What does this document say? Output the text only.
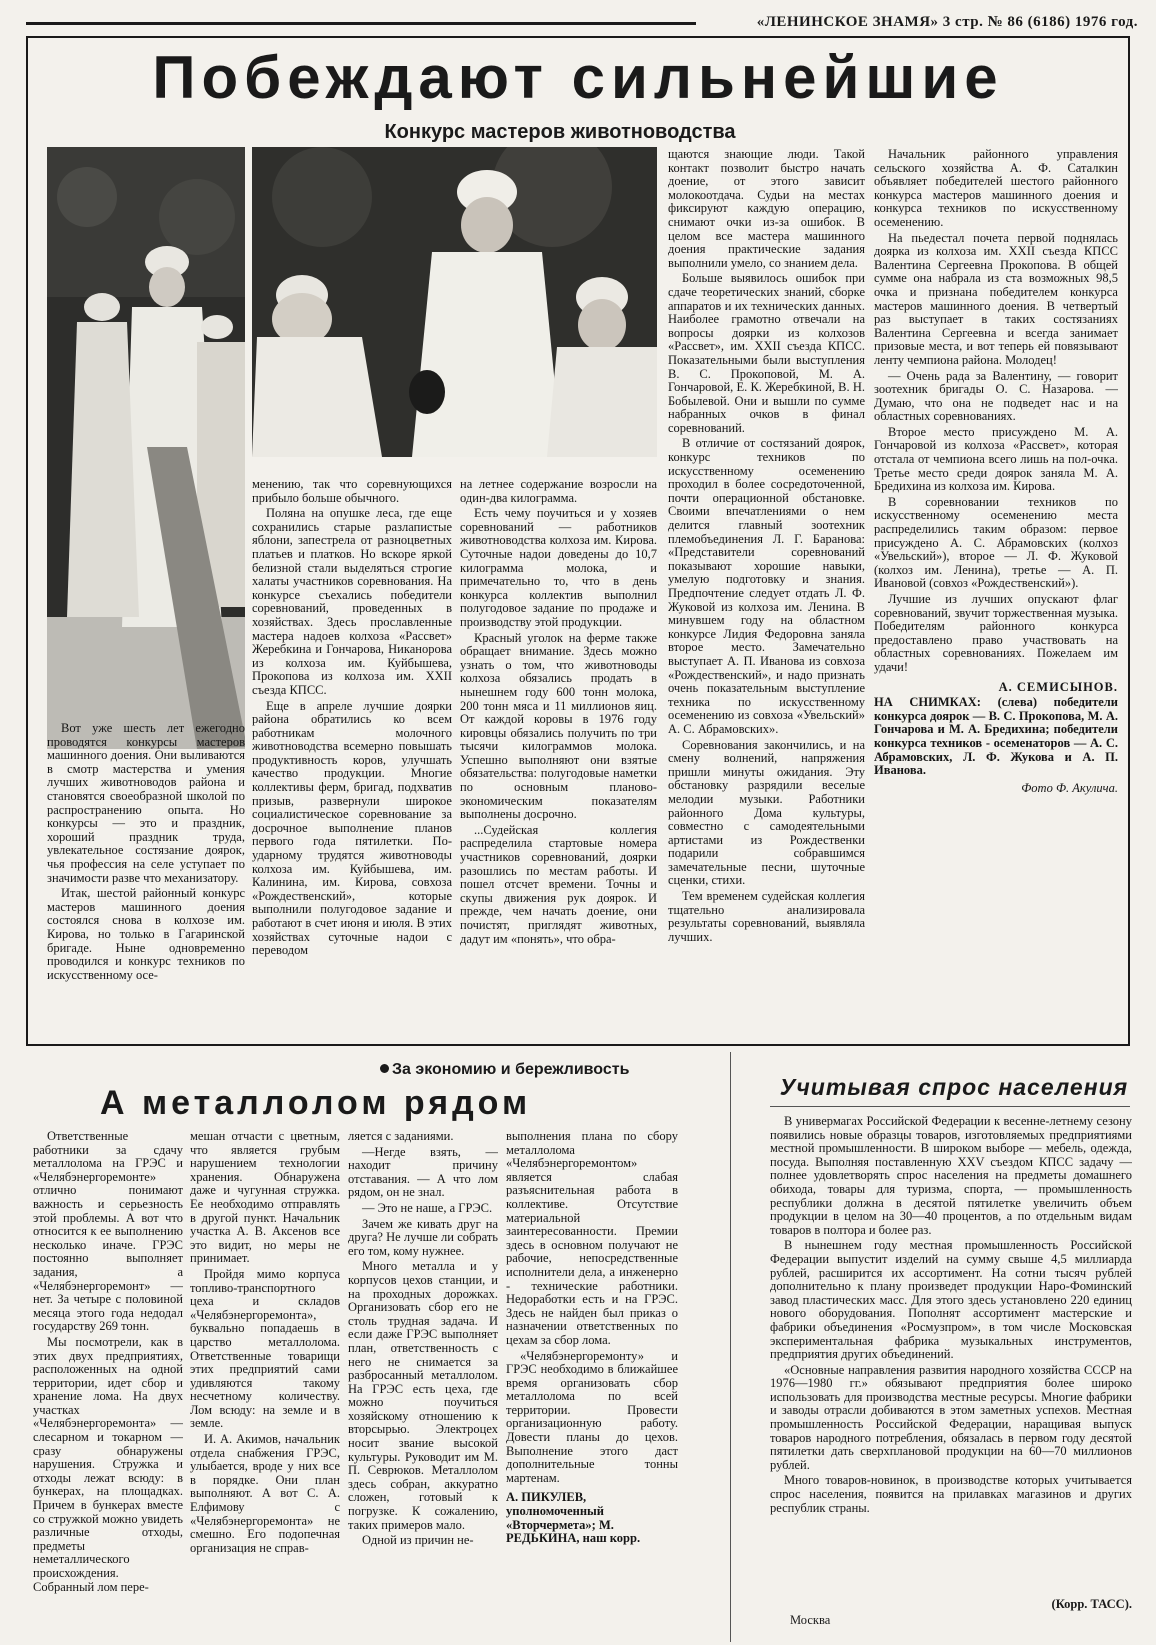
«ЛЕНИНСКОЕ ЗНАМЯ» 3 стр. № 86 (6186) 1976 год.
Побеждают сильнейшие
Конкурс мастеров животноводства

Вот уже шесть лет ежегодно проводятся конкурсы мастеров машинного доения. Они выливаются в смотр мастерства и умения лучших животноводов района и становятся своеобразной школой по распространению опыта. Но конкурсы — это и праздник, хороший праздник труда, увлекательное состязание доярок, чья профессия на селе уступает по значимости разве что механизатору.

Итак, шестой районный конкурс мастеров машинного доения состоялся снова в колхозе им. Кирова, но только в Гагаринской бригаде. Ныне одновременно проводился и конкурс техников по искусственному осе-

менению, так что соревнующихся прибыло больше обычного.

Поляна на опушке леса, где еще сохранились старые разлапистые яблони, запестрела от разноцветных платьев и платков. Но вскоре яркой белизной стали выделяться строгие халаты участников соревнования. На конкурсе съехались победители соревнований, проведенных в хозяйствах. Здесь прославленные мастера надоев колхоза «Рассвет» Жеребкина и Гончарова, Никанорова из колхоза им. Куйбышева, Прокопова из колхоза им. XXII съезда КПСС.

Еще в апреле лучшие доярки района обратились ко всем работникам молочного животноводства всемерно повышать продуктивность коров, улучшать качество продукции. Многие коллективы ферм, бригад, подхватив призыв, развернули широкое социалистическое соревнование за досрочное выполнение планов первого года пятилетки. По-ударному трудятся животноводы колхоза им. Куйбышева, им. Калинина, им. Кирова, совхоза «Рождественский», которые выполнили полугодовое задание и работают в счет июня и июля. В этих хозяйствах суточные надои с переводом

на летнее содержание возросли на один-два килограмма.

Есть чему поучиться и у хозяев соревнований — работников животноводства колхоза им. Кирова. Суточные надои доведены до 10,7 килограмма молока, и примечательно то, что в день конкурса коллектив выполнил полугодовое задание по продаже и производству этой продукции.

Красный уголок на ферме также обращает внимание. Здесь можно узнать о том, что животноводы колхоза обязались продать в нынешнем году 600 тонн молока, 200 тонн мяса и 11 миллионов яиц. От каждой коровы в 1976 году кировцы обязались получить по три тысячи килограммов молока. Успешно выполняют они взятые обязательства: полугодовые наметки по основным планово-экономическим показателям выполнены досрочно.

...Судейская коллегия распределила стартовые номера участников соревнований, доярки разошлись по местам работы. И пошел отсчет времени. Точны и скупы движения рук доярок. И прежде, чем начать доение, они почистят, приглядят животных, дадут им «понять», что обра-

щаются знающие люди. Такой контакт позволит быстро начать доение, от этого зависит молокоотдача. Судьи на местах фиксируют каждую операцию, снимают очки из-за ошибок. В целом все мастера машинного доения практические задания выполнили умело, со знанием дела.

Больше выявилось ошибок при сдаче теоретических знаний, сборке аппаратов и их технических данных. Наиболее грамотно отвечали на вопросы доярки из колхозов «Рассвет», им. XXII съезда КПСС. Показательными были выступления В. С. Прокоповой, М. А. Гончаровой, Е. К. Жеребкиной, В. Н. Бобылевой. Они и вышли по сумме набранных очков в финал соревнований.

В отличие от состязаний доярок, конкурс техников по искусственному осеменению проходил в более сосредоточенной, почти операционной обстановке. Своими впечатлениями о нем делится главный зоотехник племобъединения Л. Г. Баранова: «Представители соревнований показывают хорошие навыки, умелую подготовку и знания. Предпочтение следует отдать Л. Ф. Жуковой из колхоза им. Ленина. В минувшем году на областном конкурсе Лидия Федоровна заняла второе место. Замечательно выступает А. П. Иванова из совхоза «Рождественский», и надо признать очень показательным выступление техника по искусственному осеменению из совхоза «Увельский» А. С. Абрамовских».

Соревнования закончились, и на смену волнений, напряжения пришли минуты ожидания. Эту обстановку разрядили веселые мелодии музыки. Работники районного Дома культуры, совместно с самодеятельными артистами из Рождественки подарили собравшимся замечательные песни, шуточные сценки, стихи.

Тем временем судейская коллегия тщательно анализировала результаты соревнований, выявляла лучших.

Начальник районного управления сельского хозяйства А. Ф. Саталкин объявляет победителей шестого районного конкурса мастеров машинного доения и конкурса техников по искусственному осеменению.

На пьедестал почета первой поднялась доярка из колхоза им. XXII съезда КПСС Валентина Сергеевна Прокопова. В общей сумме она набрала из ста возможных 98,5 очка и признана победителем конкурса мастеров машинного доения. В четвертый раз выступает в таких состязаниях Валентина Сергеевна и всегда занимает призовые места, и вот теперь ей повязывают ленту чемпиона района. Молодец!

— Очень рада за Валентину, — говорит зоотехник бригады О. С. Назарова. — Думаю, что она не подведет нас и на областных соревнованиях.

Второе место присуждено М. А. Гончаровой из колхоза «Рассвет», которая отстала от чемпиона всего лишь на пол-очка. Третье место среди доярок заняла М. А. Бредихина из колхоза им. Кирова.

В соревновании техников по искусственному осеменению места распределились таким образом: первое присуждено А. С. Абрамовских (колхоз «Увельский»), второе — Л. Ф. Жуковой (колхоз им. Ленина), третье — А. П. Ивановой (совхоз «Рождественский»).

Лучшие из лучших опускают флаг соревнований, звучит торжественная музыка. Победителям районного конкурса предоставлено право участвовать на областных соревнованиях. Пожелаем им удачи!

А. СЕМИСЫНОВ.

НА СНИМКАХ: (слева) победители конкурса доярок — В. С. Прокопова, М. А. Гончарова и М. А. Бредихина; победители конкурса техников - осеменаторов — А. С. Абрамовских, Л. Ф. Жукова и А. П. Иванова.

Фото Ф. Акулича.

За экономию и бережливость
А металлолом рядом

Ответственные работники за сдачу металлолома на ГРЭС и «Челябэнергоремонте» отлично понимают важность и серьезность этой проблемы. А вот что относится к ее выполнению несколько иначе. ГРЭС постоянно выполняет задания, а «Челябэнергоремонт» — нет. За четыре с половиной месяца этого года недодал государству 269 тонн.

Мы посмотрели, как в этих двух предприятиях, расположенных на одной территории, идет сбор и хранение лома. На двух участках «Челябэнергоремонта» — слесарном и токарном — сразу обнаружены нарушения. Стружка и отходы лежат всюду: в бункерах, на площадках. Причем в бункерах вместе со стружкой можно увидеть различные отходы, предметы неметаллического происхождения. Собранный лом пере-

мешан отчасти с цветным, что является грубым нарушением технологии хранения. Обнаружена даже и чугунная стружка. Ее необходимо отправлять в другой пункт. Начальник участка А. В. Аксенов все это видит, но меры не принимает.

Пройдя мимо корпуса топливо-транспортного цеха и складов «Челябэнергоремонта», буквально попадаешь в царство металлолома. Ответственные товарищи этих предприятий сами удивляются такому несчетному количеству. Лом всюду: на земле и в земле.

И. А. Акимов, начальник отдела снабжения ГРЭС, улыбается, вроде у них все в порядке. Они план выполняют. А вот С. А. Елфимову с «Челябэнергоремонта» не смешно. Его подопечная организация не справ-

ляется с заданиями.

—Негде взять, — находит причину отставания. — А что лом рядом, он не знал.

— Это не наше, а ГРЭС.

Зачем же кивать друг на друга? Не лучше ли собрать его том, кому нужнее.

Много металла и у корпусов цехов станции, и на проходных дорожках. Организовать сбор его не столь трудная задача. И если даже ГРЭС выполняет план, ответственность с него не снимается за разбросанный металлолом. На ГРЭС есть цеха, где можно поучиться хозяйскому отношению к вторсырью. Электроцех носит звание высокой культуры. Руководит им М. П. Севрюков. Металлолом здесь собран, аккуратно сложен, готовый к погрузке. К сожалению, таких примеров мало.

Одной из причин не-

выполнения плана по сбору металлолома «Челябэнергоремонтом» является слабая разъяснительная работа в коллективе. Отсутствие материальной заинтересованности. Премии здесь в основном получают не рабочие, непосредственные исполнители дела, а инженерно - технические работники. Недоработки есть и на ГРЭС. Здесь не найден был приказ о назначении ответственных по цехам за сбор лома.

«Челябэнергоремонту» и ГРЭС необходимо в ближайшее время организовать сбор металлолома по всей территории. Провести организационную работу. Довести планы до цехов. Выполнение этого даст дополнительные тонны мартенам.

А. ПИКУЛЕВ, уполномоченный «Вторчермета»; М. РЕДЬКИНА, наш корр.

Учитывая спрос населения

В универмагах Российской Федерации к весенне-летнему сезону появились новые образцы товаров, изготовляемых предприятиями местной промышленности. В широком выборе — мебель, одежда, посуда. Выполняя поставленную XXV съездом КПСС задачу — полнее удовлетворять спрос населения на предметы домашнего обихода, товары для туризма, спорта, — промышленность республики должна в десятой пятилетке увеличить объем продукции в целом на 30—40 процентов, а по отдельным видам товаров в полтора и более раз.

В нынешнем году местная промышленность Российской Федерации выпустит изделий на сумму свыше 4,5 миллиарда рублей, расширится их ассортимент. На сотни тысяч рублей дополнительно к плану произведет продукции Наро-Фоминский завод пластических масс. Для этого здесь установлено 220 единиц нового оборудования. Пополнят ассортимент мастерские и фабрики объединения «Росмузпром», в том числе Московская экспериментальная фабрика музыкальных инструментов, предприятия других объединений.

«Основные направления развития народного хозяйства СССР на 1976—1980 гг.» обязывают предприятия более широко использовать для производства местные ресурсы. Многие фабрики и заводы отрасли добиваются в этом заметных успехов. Местная промышленность Российской Федерации, наращивая выпуск товаров народного потребления, обязалась в первом году десятой пятилетки дать сверхплановой продукции на 60—70 миллионов рублей.

Много товаров-новинок, в производстве которых учитывается спрос населения, появится на прилавках магазинов и других республик страны.

(Корр. ТАСС).
Москва
